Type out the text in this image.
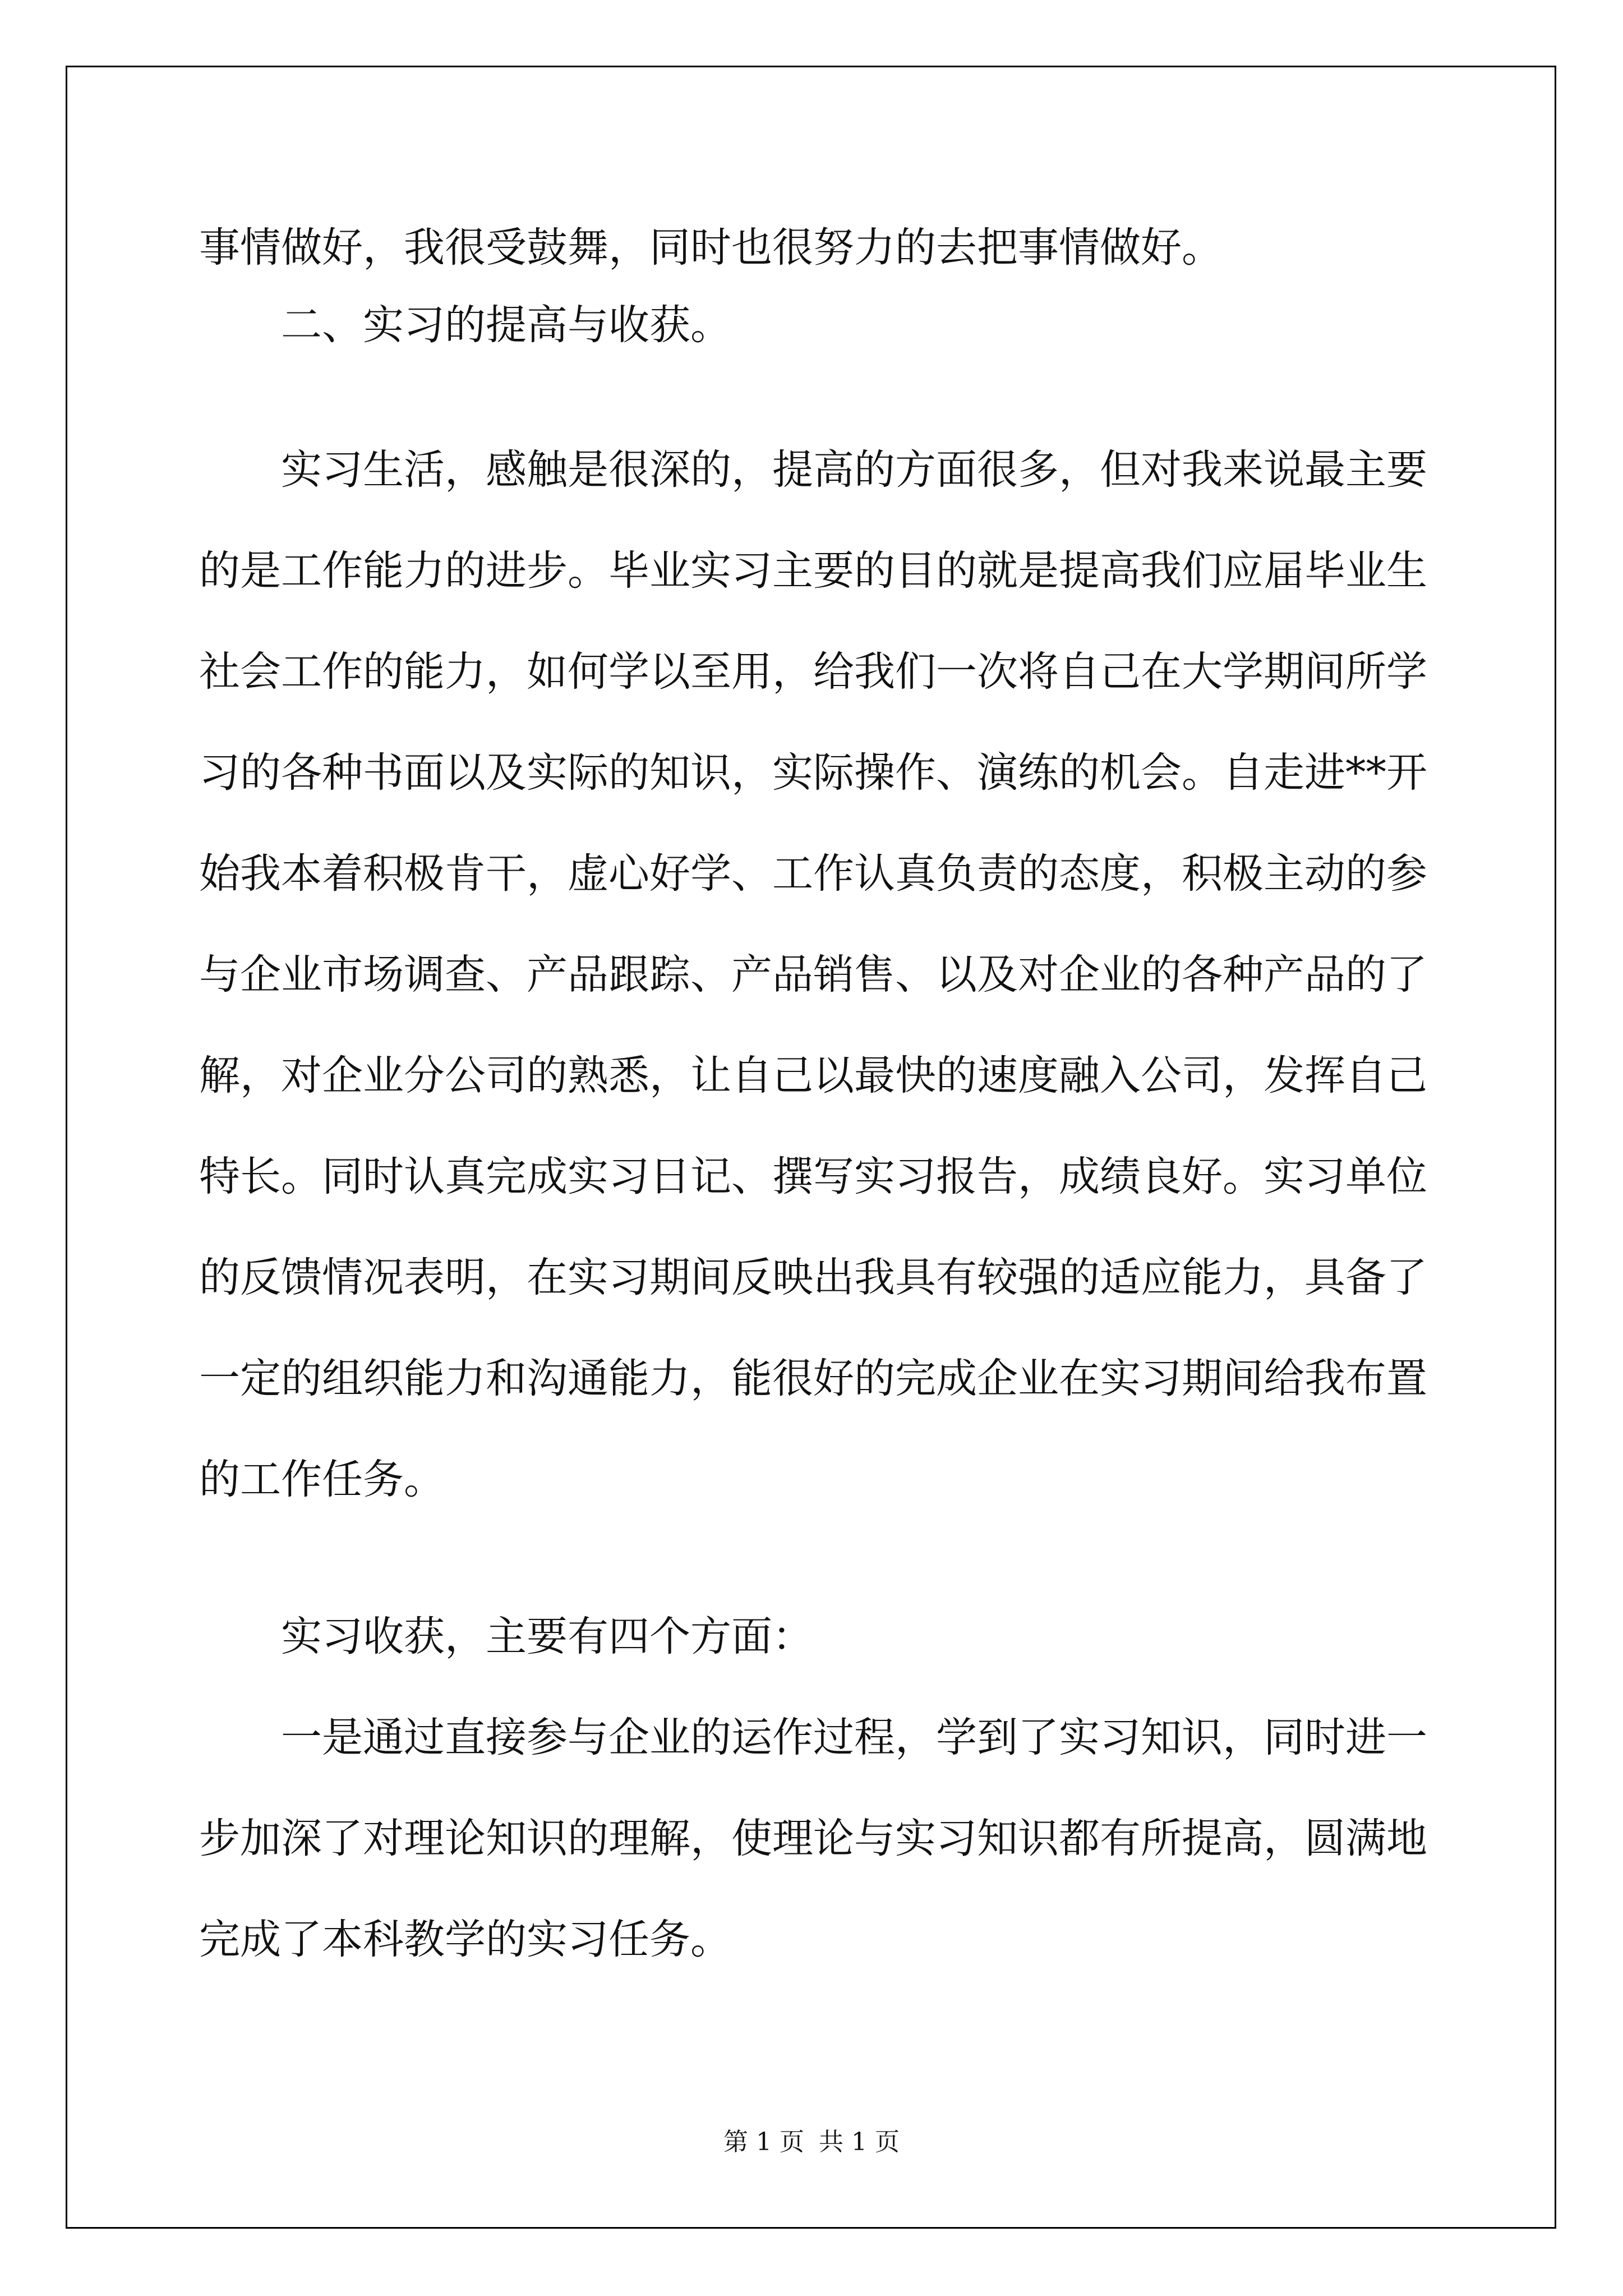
事情做好，我很受鼓舞，同时也很努力的去把事情做好。
二、实习的提高与收获。
实习生活，感触是很深的，提高的方面很多，但对我来说最主要
的是工作能力的进步。毕业实习主要的目的就是提高我们应届毕业生
社会工作的能力，如何学以至用，给我们一次将自己在大学期间所学
习的各种书面以及实际的知识，实际操作、演练的机会。自走进**开
始我本着积极肯干，虚心好学、工作认真负责的态度，积极主动的参
与企业市场调查、产品跟踪、产品销售、以及对企业的各种产品的了
解，对企业分公司的熟悉，让自己以最快的速度融入公司，发挥自己
特长。同时认真完成实习日记、撰写实习报告，成绩良好。实习单位
的反馈情况表明，在实习期间反映出我具有较强的适应能力，具备了
一定的组织能力和沟通能力，能很好的完成企业在实习期间给我布置
的工作任务。
实习收获，主要有四个方面：
一是通过直接参与企业的运作过程，学到了实习知识，同时进一
步加深了对理论知识的理解，使理论与实习知识都有所提高，圆满地
完成了本科教学的实习任务。
第 1 页 共 1 页
